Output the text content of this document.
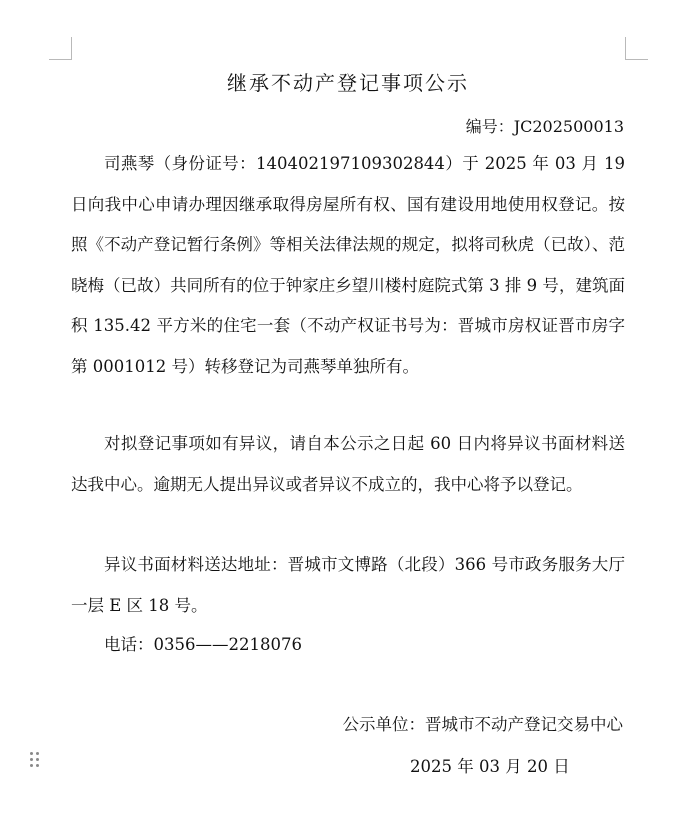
继承不动产登记事项公示
编号：JC202500013

司燕琴（身份证号：140402197109302844）于 2025 年 03 月 19 日向我中心申请办理因继承取得房屋所有权、国有建设用地使用权登记。按照《不动产登记暂行条例》等相关法律法规的规定，拟将司秋虎（已故）、范晓梅（已故）共同所有的位于钟家庄乡望川楼村庭院式第 3 排 9 号，建筑面积 135.42 平方米的住宅一套（不动产权证书号为：晋城市房权证晋市房字第 0001012 号）转移登记为司燕琴单独所有。

对拟登记事项如有异议，请自本公示之日起 60 日内将异议书面材料送达我中心。逾期无人提出异议或者异议不成立的，我中心将予以登记。

异议书面材料送达地址：晋城市文博路（北段）366 号市政务服务大厅一层 E 区 18 号。

电话：0356——2218076

公示单位：晋城市不动产登记交易中心
2025 年 03 月 20 日
